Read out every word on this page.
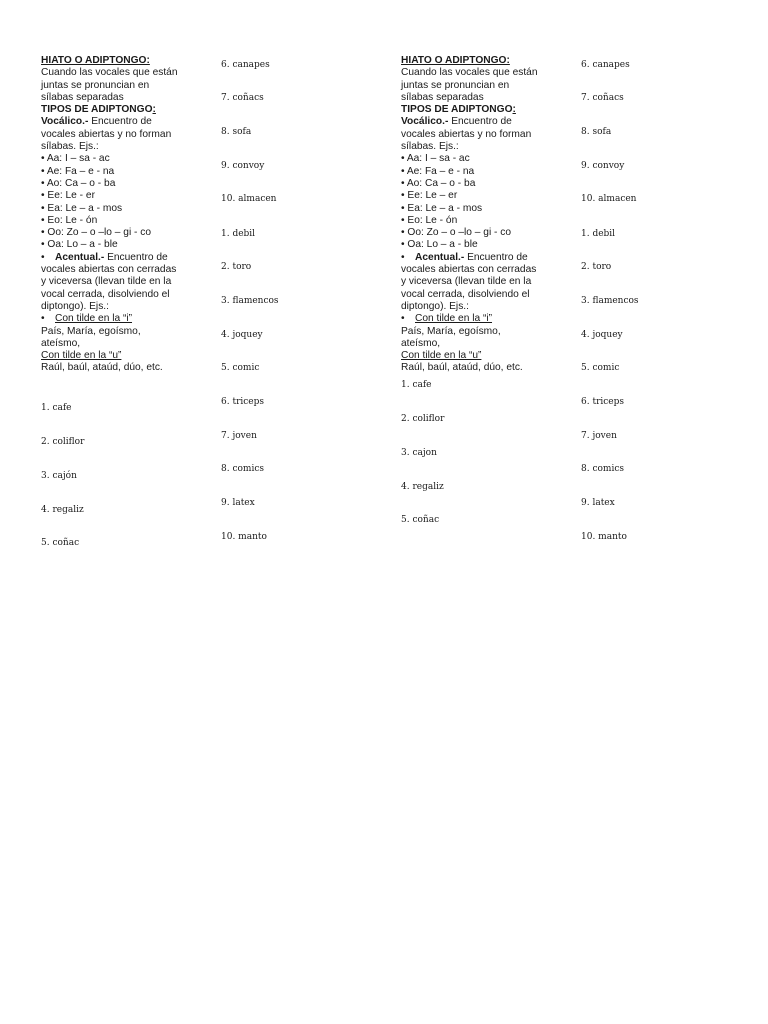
HIATO O ADIPTONGO:
Cuando las vocales que están
juntas se pronuncian en
sílabas separadas
TIPOS DE ADIPTONGO:
Vocálico.- Encuentro de
vocales abiertas y no forman
sílabas. Ejs.:
• Aa: I – sa - ac
• Ae: Fa – e - na
• Ao: Ca – o - ba
• Ee: Le - er
• Ea: Le – a - mos
• Eo: Le - ón
• Oo: Zo – o –lo – gi - co
• Oa: Lo – a - ble
• Acentual.- Encuentro de
vocales abiertas con cerradas
y viceversa (llevan tilde en la
vocal cerrada, disolviendo el
diptongo). Ejs.:
• Con tilde en la “i”
País, María, egoísmo,
ateísmo,
Con tilde en la “u”
Raúl, baúl, ataúd, dúo, etc.
1. cafe
2. coliflor
3. cajón
4. regaliz
5. coñac
6. canapes
7. coñacs
8. sofa
9. convoy
10. almacen
1. debil
2. toro
3. flamencos
4. joquey
5. comic
6. triceps
7. joven
8. comics
9. latex
10. manto
HIATO O ADIPTONGO:
Cuando las vocales que están
juntas se pronuncian en
sílabas separadas
TIPOS DE ADIPTONGO:
Vocálico.- Encuentro de
vocales abiertas y no forman
sílabas. Ejs.:
• Aa: I – sa - ac
• Ae: Fa – e - na
• Ao: Ca – o - ba
• Ee: Le – er
• Ea: Le – a - mos
• Eo: Le - ón
• Oo: Zo – o –lo – gi - co
• Oa: Lo – a - ble
• Acentual.- Encuentro de
vocales abiertas con cerradas
y viceversa (llevan tilde en la
vocal cerrada, disolviendo el
diptongo). Ejs.:
• Con tilde en la “i”
País, María, egoísmo,
ateísmo,
Con tilde en la “u”
Raúl, baúl, ataúd, dúo, etc.
1. cafe
2. coliflor
3. cajon
4. regaliz
5. coñac
6. canapes
7. coñacs
8. sofa
9. convoy
10. almacen
1. debil
2. toro
3. flamencos
4. joquey
5. comic
6. triceps
7. joven
8. comics
9. latex
10. manto
